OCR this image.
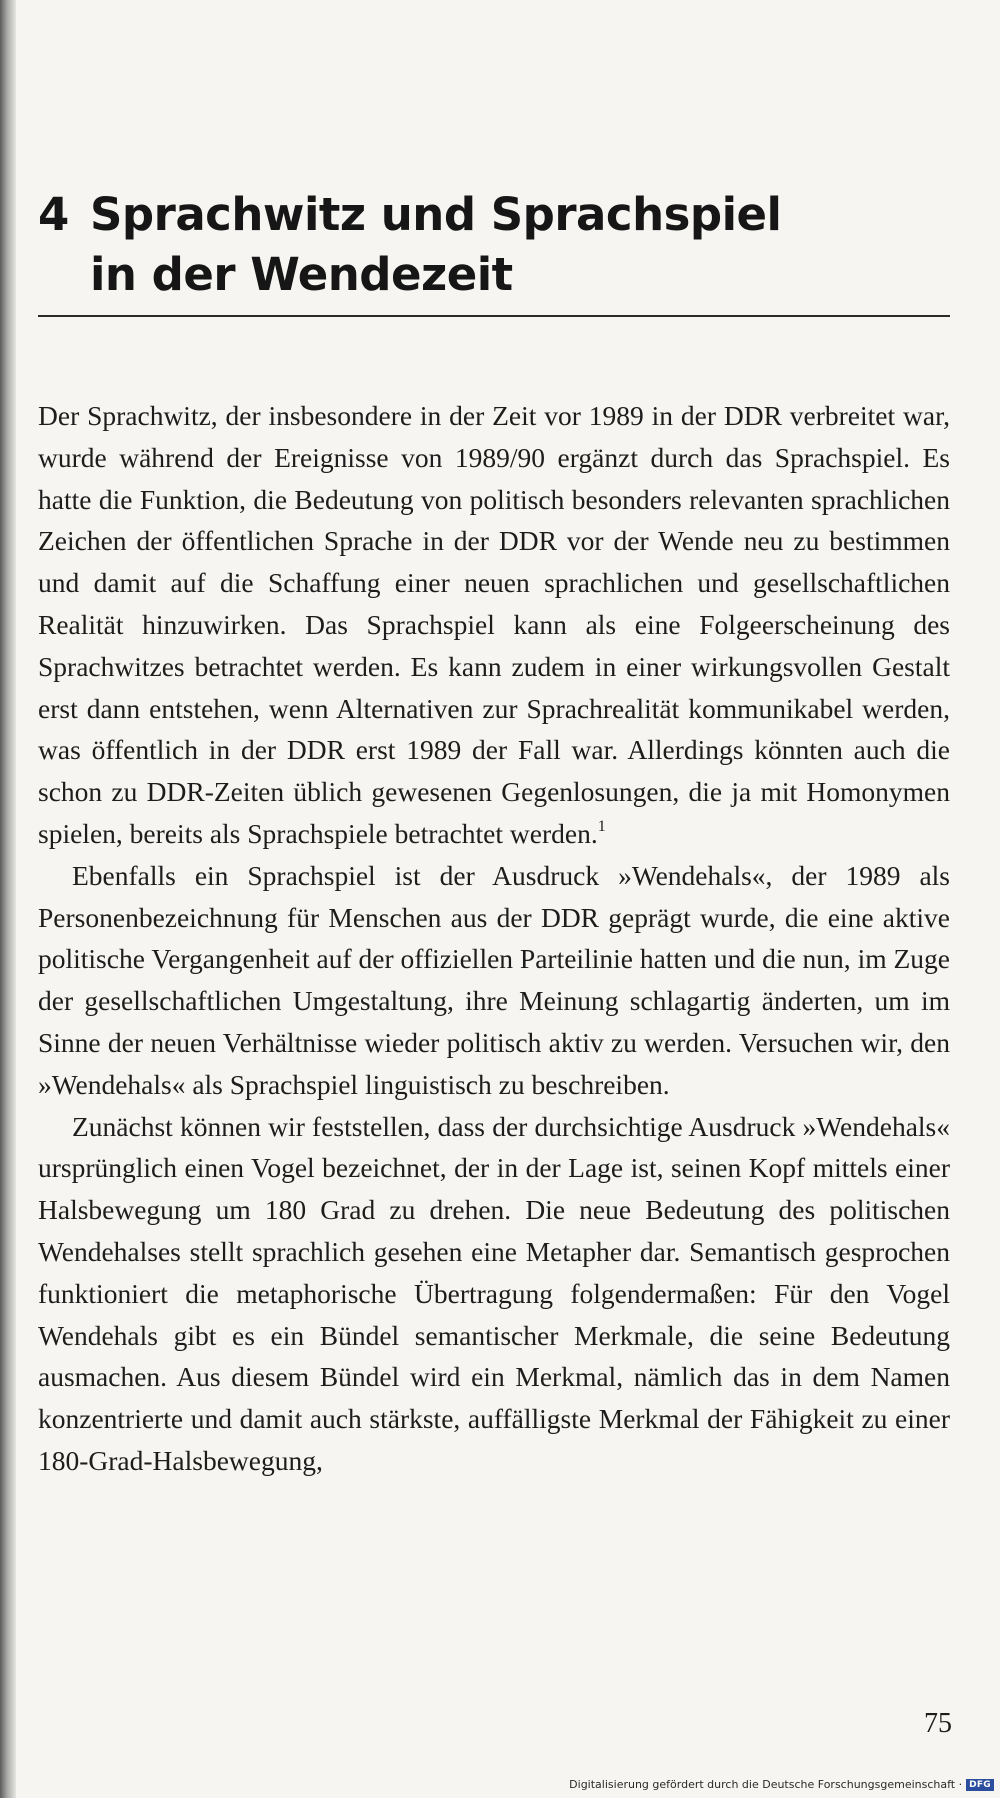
4 Sprachwitz und Sprachspiel
in der Wendezeit

Der Sprachwitz, der insbesondere in der Zeit vor 1989 in der DDR verbreitet war, wurde während der Ereignisse von 1989/90 ergänzt durch das Sprachspiel. Es hatte die Funktion, die Bedeutung von politisch besonders relevanten sprachlichen Zeichen der öffentlichen Sprache in der DDR vor der Wende neu zu bestimmen und damit auf die Schaffung einer neuen sprachlichen und gesellschaftlichen Realität hinzuwirken. Das Sprachspiel kann als eine Folgeerscheinung des Sprachwitzes betrachtet werden. Es kann zudem in einer wirkungsvollen Gestalt erst dann entstehen, wenn Alternativen zur Sprachrealität kommunikabel werden, was öffentlich in der DDR erst 1989 der Fall war. Allerdings könnten auch die schon zu DDR-Zeiten üblich gewesenen Gegenlosungen, die ja mit Homonymen spielen, bereits als Sprachspiele betrachtet werden.$^1$

Ebenfalls ein Sprachspiel ist der Ausdruck »Wendehals«, der 1989 als Personenbezeichnung für Menschen aus der DDR geprägt wurde, die eine aktive politische Vergangenheit auf der offiziellen Parteilinie hatten und die nun, im Zuge der gesellschaftlichen Umgestaltung, ihre Meinung schlagartig änderten, um im Sinne der neuen Verhältnisse wieder politisch aktiv zu werden. Versuchen wir, den »Wendehals« als Sprachspiel linguistisch zu beschreiben.

Zunächst können wir feststellen, dass der durchsichtige Ausdruck »Wendehals« ursprünglich einen Vogel bezeichnet, der in der Lage ist, seinen Kopf mittels einer Halsbewegung um 180 Grad zu drehen. Die neue Bedeutung des politischen Wendehalses stellt sprachlich gesehen eine Metapher dar. Semantisch gesprochen funktioniert die metaphorische Übertragung folgendermaßen: Für den Vogel Wendehals gibt es ein Bündel semantischer Merkmale, die seine Bedeutung ausmachen. Aus diesem Bündel wird ein Merkmal, nämlich das in dem Namen konzentrierte und damit auch stärkste, auffälligste Merkmal der Fähigkeit zu einer 180-Grad-Halsbewegung,

75
Digitalisierung gefördert durch die Deutsche Forschungsgemeinschaft · DFG
